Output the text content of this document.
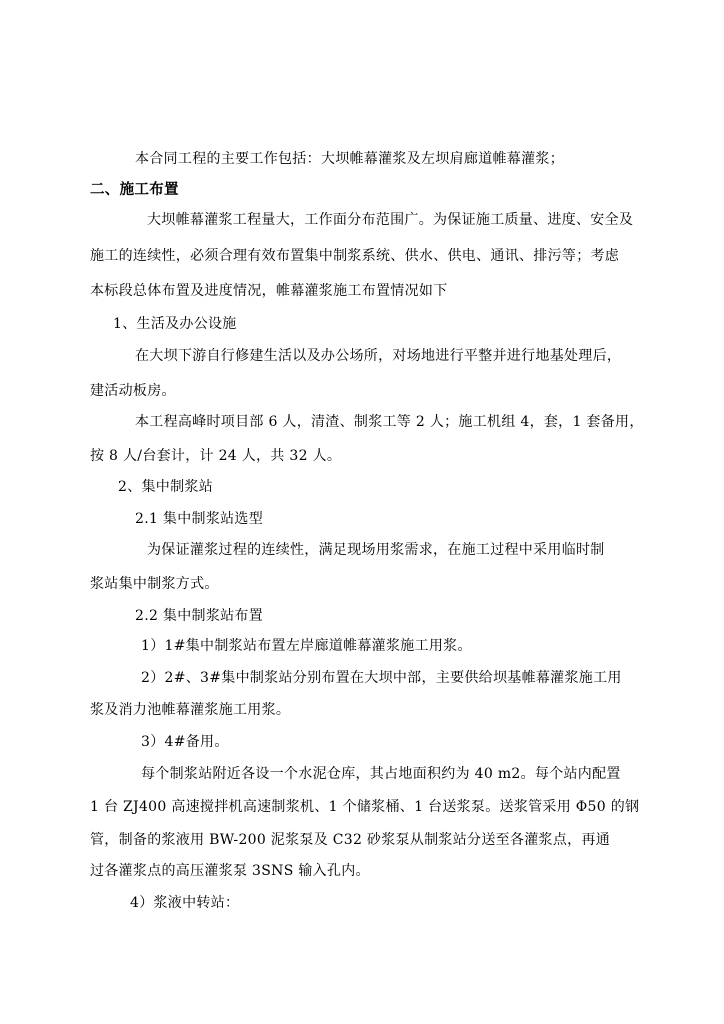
本合同工程的主要工作包括：大坝帷幕灌浆及左坝肩廊道帷幕灌浆；
二、施工布置
大坝帷幕灌浆工程量大，工作面分布范围广。为保证施工质量、进度、安全及
施工的连续性，必须合理有效布置集中制浆系统、供水、供电、通讯、排污等；考虑
本标段总体布置及进度情况，帷幕灌浆施工布置情况如下
1、生活及办公设施
在大坝下游自行修建生活以及办公场所，对场地进行平整并进行地基处理后，
建活动板房。
本工程高峰时项目部 6 人，清渣、制浆工等 2 人；施工机组 4，套，1 套备用，
按 8 人/台套计，计 24 人，共 32 人。
2、集中制浆站
2.1 集中制浆站选型
为保证灌浆过程的连续性，满足现场用浆需求，在施工过程中采用临时制
浆站集中制浆方式。
2.2 集中制浆站布置
1）1#集中制浆站布置左岸廊道帷幕灌浆施工用浆。
2）2#、3#集中制浆站分别布置在大坝中部，主要供给坝基帷幕灌浆施工用
浆及消力池帷幕灌浆施工用浆。
3）4#备用。
每个制浆站附近各设一个水泥仓库，其占地面积约为 40 m2。每个站内配置
1 台 ZJ400 高速搅拌机高速制浆机、1 个储浆桶、1 台送浆泵。送浆管采用 Φ50 的钢
管，制备的浆液用 BW-200 泥浆泵及 C32 砂浆泵从制浆站分送至各灌浆点，再通
过各灌浆点的高压灌浆泵 3SNS 输入孔内。
4）浆液中转站：
